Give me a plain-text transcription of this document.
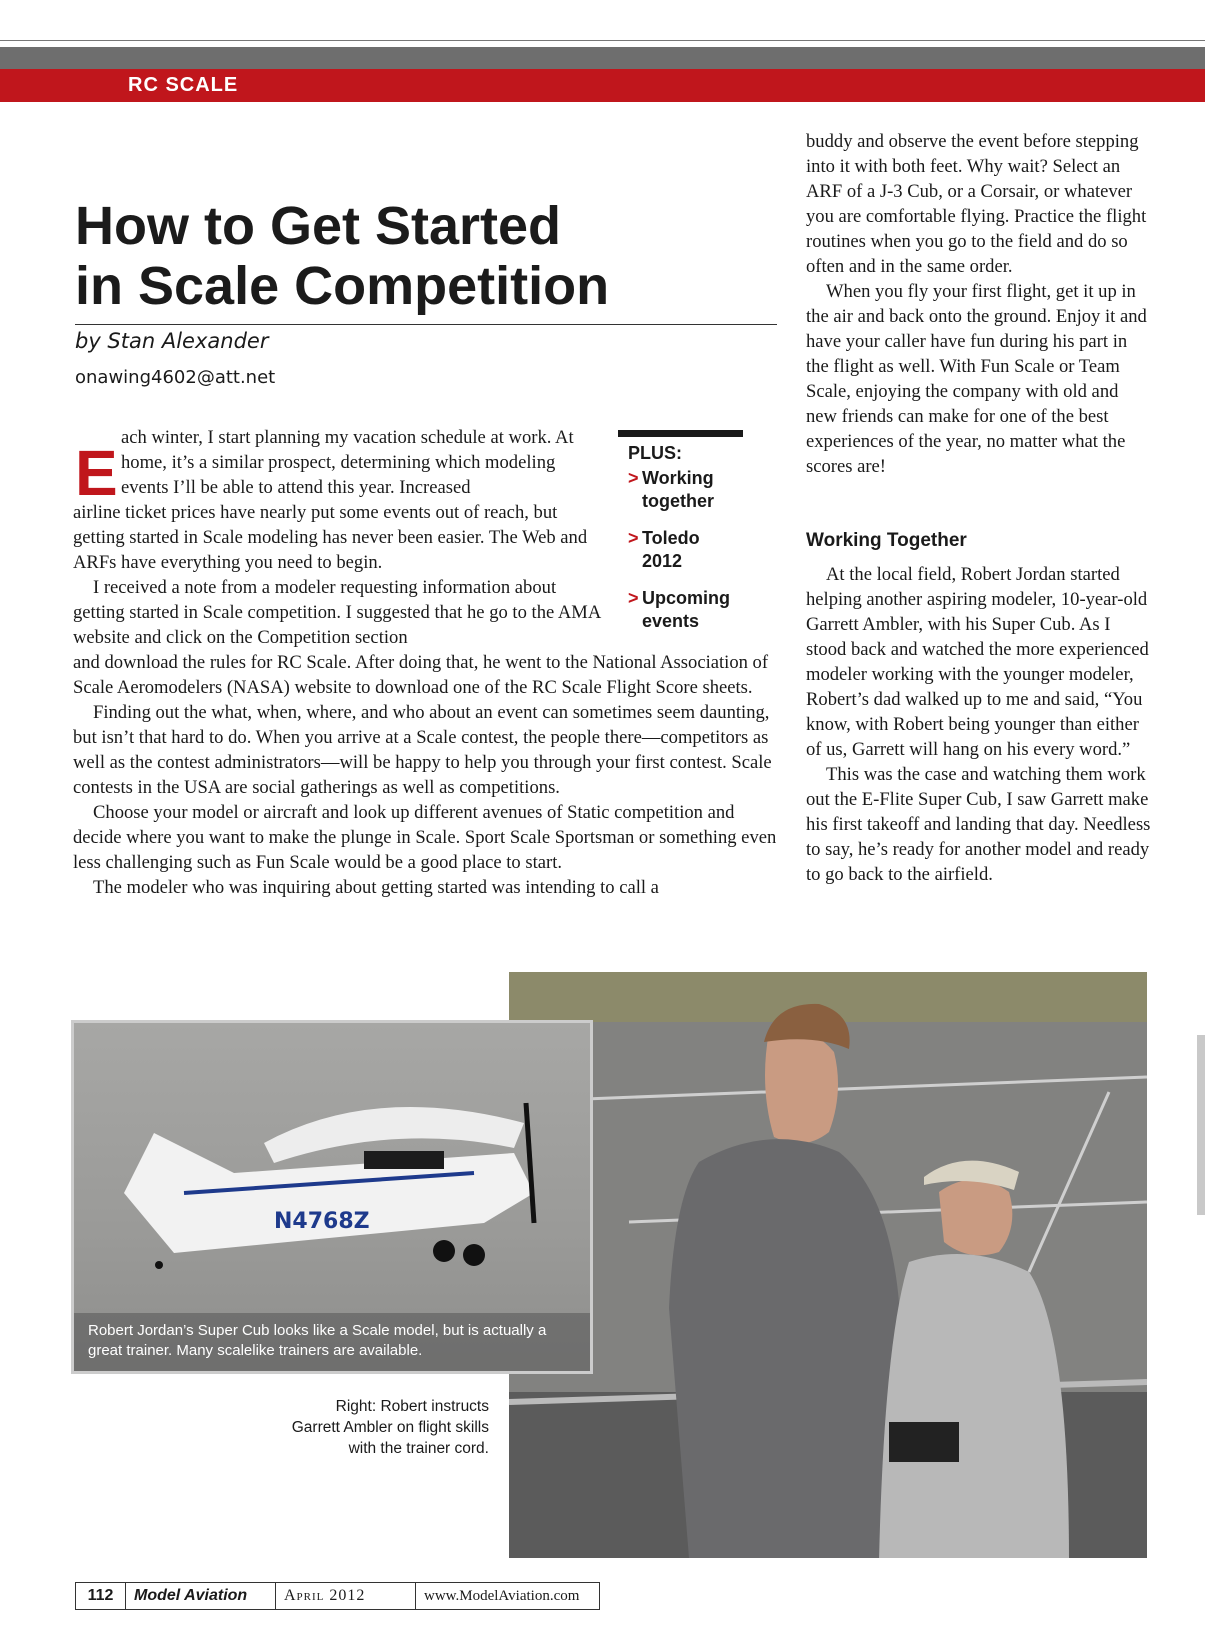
RC SCALE
How to Get Started
in Scale Competition
by Stan Alexander
onawing4602@att.net
E ach winter, I start planning my vacation schedule at work. At home, it’s a similar prospect, determining which modeling events I’ll be able to attend this year. Increased

airline ticket prices have nearly put some events out of reach, but getting started in Scale modeling has never been easier. The Web and ARFs have everything you need to begin.

I received a note from a modeler requesting information about getting started in Scale competition. I suggested that he go to the AMA website and click on the Competition section

and download the rules for RC Scale. After doing that, he went to the National Association of Scale Aeromodelers (NASA) website to download one of the RC Scale Flight Score sheets.

Finding out the what, when, where, and who about an event can sometimes seem daunting, but isn’t that hard to do. When you arrive at a Scale contest, the people there—competitors as well as the contest administrators—will be happy to help you through your first contest. Scale contests in the USA are social gatherings as well as competitions.

Choose your model or aircraft and look up different avenues of Static competition and decide where you want to make the plunge in Scale. Sport Scale Sportsman or something even less challenging such as Fun Scale would be a good place to start.

The modeler who was inquiring about getting started was intending to call a

PLUS:
> Working together
> Toledo 2012
> Upcoming events

buddy and observe the event before stepping into it with both feet. Why wait? Select an ARF of a J-3 Cub, or a Corsair, or whatever you are comfortable flying. Practice the flight routines when you go to the field and do so often and in the same order.

When you fly your first flight, get it up in the air and back onto the ground. Enjoy it and have your caller have fun during his part in the flight as well. With Fun Scale or Team Scale, enjoying the company with old and new friends can make for one of the best experiences of the year, no matter what the scores are!

Working Together

At the local field, Robert Jordan started helping another aspiring modeler, 10-year-old Garrett Ambler, with his Super Cub. As I stood back and watched the more experienced modeler working with the younger modeler, Robert’s dad walked up to me and said, “You know, with Robert being younger than either of us, Garrett will hang on his every word.”

This was the case and watching them work out the E-Flite Super Cub, I saw Garrett make his first takeoff and landing that day. Needless to say, he’s ready for another model and ready to go back to the airfield.

N4768Z
Robert Jordan’s Super Cub looks like a Scale model, but is actually a great trainer. Many scalelike trainers are available.
Right: Robert instructs Garrett Ambler on flight skills with the trainer cord.
112	Model Aviation	April 2012	www.ModelAviation.com
